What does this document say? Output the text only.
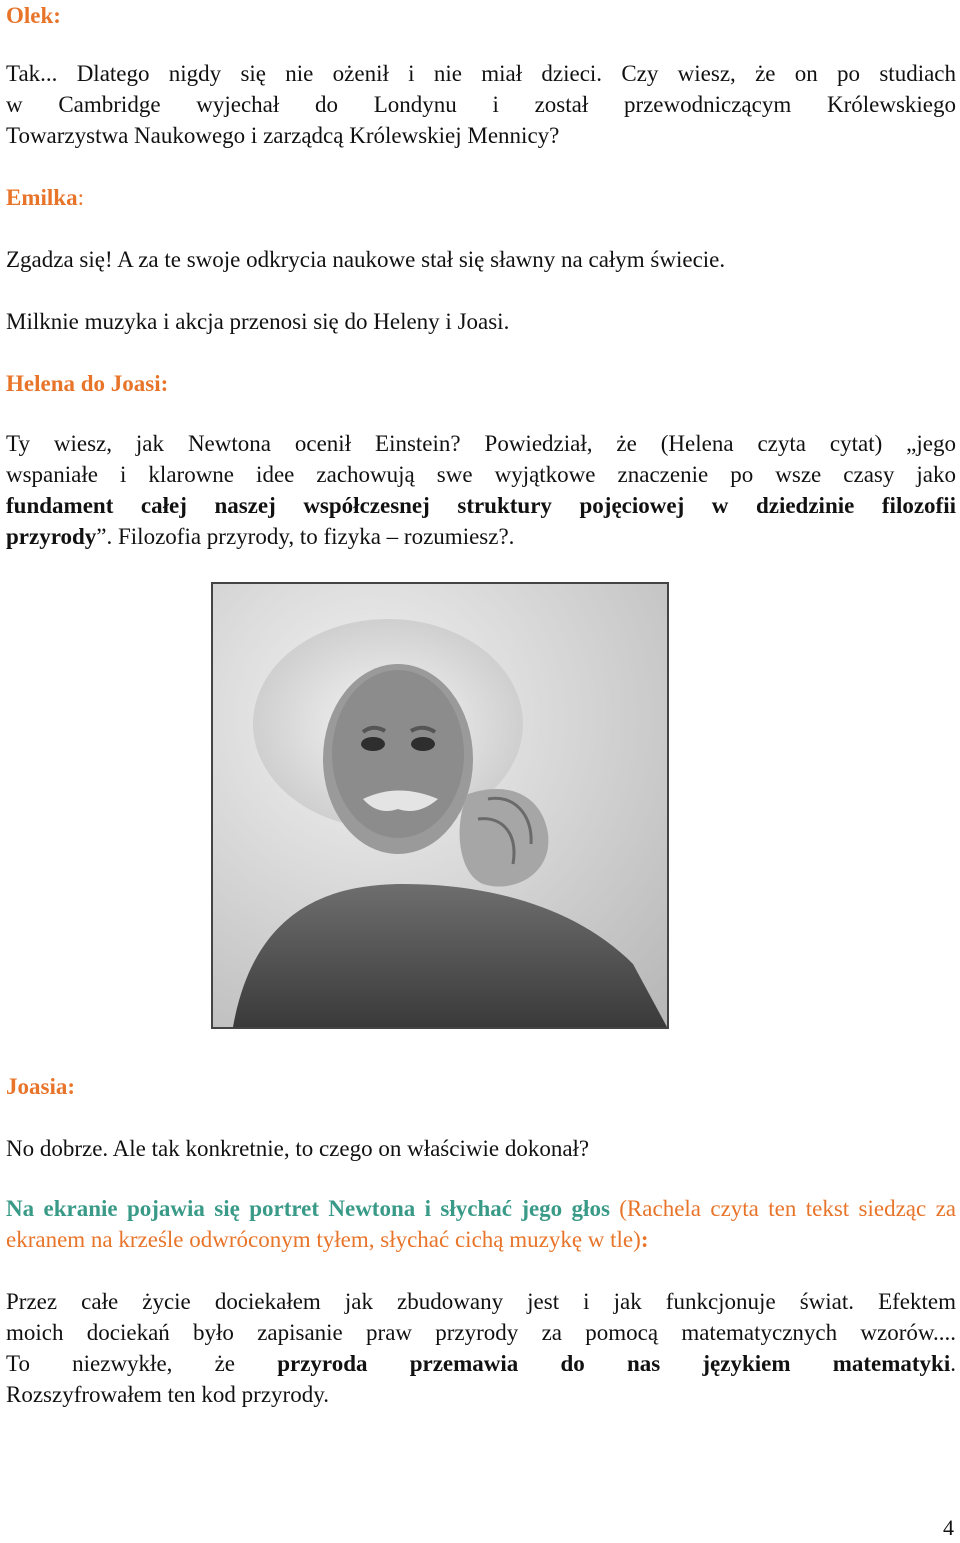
Olek:
Tak... Dlatego nigdy się nie ożenił i nie miał dzieci. Czy wiesz, że on po studiach
w Cambridge wyjechał do Londynu i został przewodniczącym Królewskiego
Towarzystwa Naukowego i zarządcą Królewskiej Mennicy?
Emilka:
Zgadza się! A za te swoje odkrycia naukowe stał się sławny na całym świecie.
Milknie muzyka i akcja przenosi się do Heleny i Joasi.
Helena do Joasi:
Ty wiesz, jak Newtona ocenił Einstein? Powiedział, że (Helena czyta cytat) „jego
wspaniałe i klarowne idee zachowują swe wyjątkowe znaczenie po wsze czasy jako
fundament całej naszej współczesnej struktury pojęciowej w dziedzinie filozofii
przyrody”. Filozofia przyrody, to fizyka – rozumiesz?.
Joasia:
No dobrze. Ale tak konkretnie, to czego on właściwie dokonał?
Na ekranie pojawia się portret Newtona i słychać jego głos (Rachela czyta ten tekst siedząc za ekranem na krześle odwróconym tyłem, słychać cichą muzykę w tle):
Przez całe życie dociekałem jak zbudowany jest i jak funkcjonuje świat. Efektem
moich dociekań było zapisanie praw przyrody za pomocą matematycznych wzorów....
To niezwykłe, że przyroda przemawia do nas językiem matematyki.
Rozszyfrowałem ten kod przyrody.
4
